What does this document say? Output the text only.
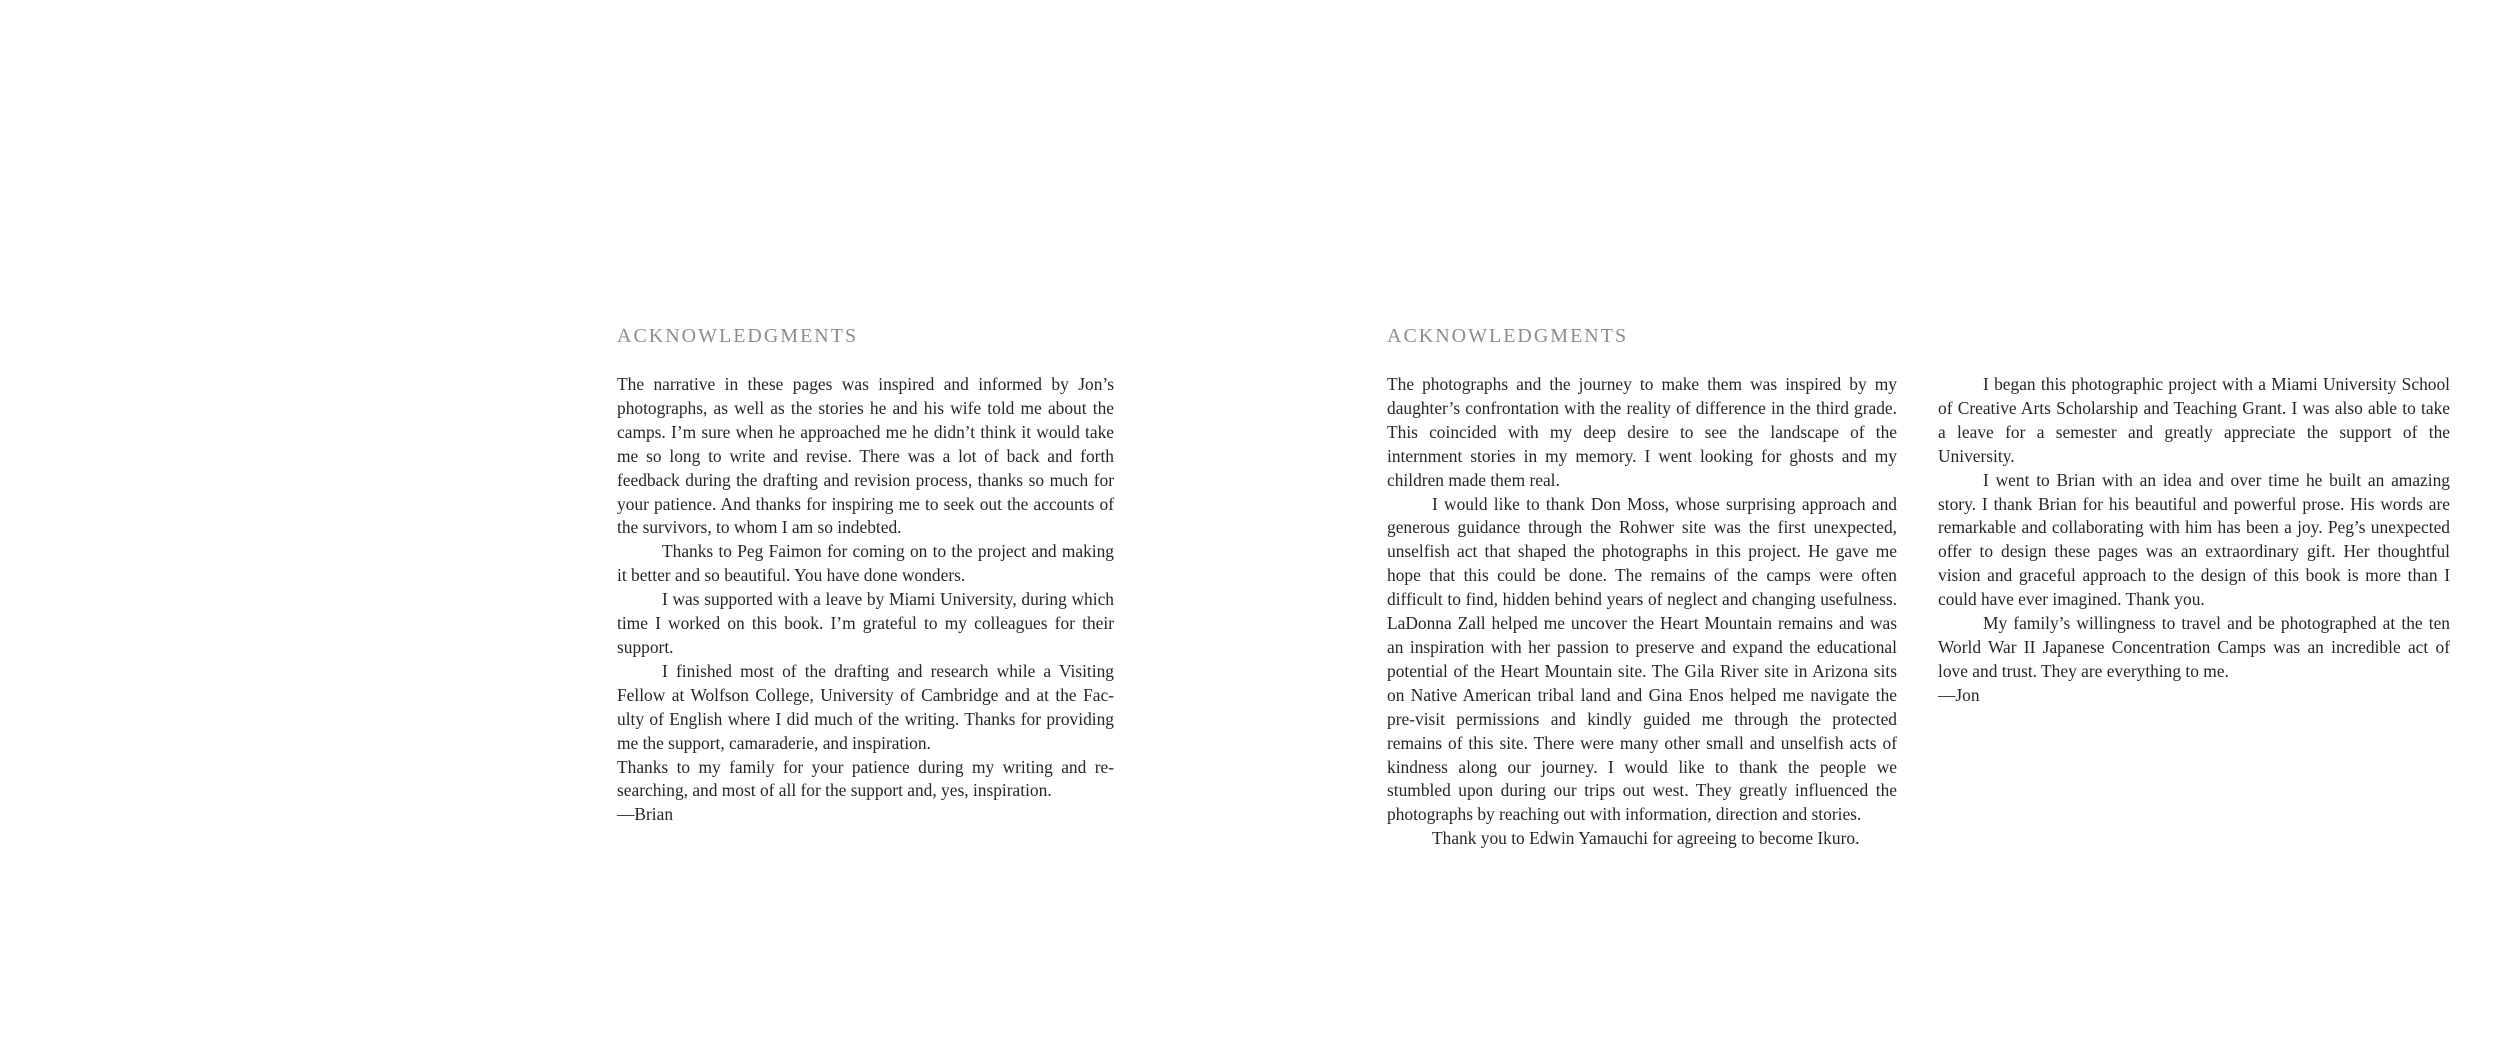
ACKNOWLEDGMENTS

The narrative in these pages was inspired and informed by Jon’s photographs, as well as the stories he and his wife told me about the camps. I’m sure when he approached me he didn’t think it would take me so long to write and revise. There was a lot of back and forth feedback during the drafting and revision process, thanks so much for your patience. And thanks for inspiring me to seek out the accounts of the survivors, to whom I am so indebted.

Thanks to Peg Faimon for coming on to the project and making it better and so beautiful. You have done wonders.

I was supported with a leave by Miami University, during which time I worked on this book. I’m grateful to my colleagues for their support.

I finished most of the drafting and research while a Visiting Fellow at Wolfson College, University of Cambridge and at the Faculty of English where I did much of the writing. Thanks for providing me the support, camaraderie, and inspiration.

Thanks to my family for your patience during my writing and researching, and most of all for the support and, yes, inspiration.

—Brian
ACKNOWLEDGMENTS

The photographs and the journey to make them was inspired by my daughter’s confrontation with the reality of difference in the third grade. This coincided with my deep desire to see the landscape of the internment stories in my memory. I went looking for ghosts and my children made them real.

I would like to thank Don Moss, whose surprising approach and generous guidance through the Rohwer site was the first unexpected, unselfish act that shaped the photographs in this project. He gave me hope that this could be done. The remains of the camps were often difficult to find, hidden behind years of neglect and changing usefulness. LaDonna Zall helped me uncover the Heart Mountain remains and was an inspiration with her passion to preserve and expand the educational potential of the Heart Mountain site. The Gila River site in Arizona sits on Native American tribal land and Gina Enos helped me navigate the pre-visit permissions and kindly guided me through the protected remains of this site. There were many other small and unselfish acts of kindness along our journey. I would like to thank the people we stumbled upon during our trips out west. They greatly influenced the photographs by reaching out with information, direction and stories.

Thank you to Edwin Yamauchi for agreeing to become Ikuro.

I began this photographic project with a Miami University School of Creative Arts Scholarship and Teaching Grant. I was also able to take a leave for a semester and greatly appreciate the support of the University.

I went to Brian with an idea and over time he built an amazing story. I thank Brian for his beautiful and powerful prose. His words are remarkable and collaborating with him has been a joy. Peg’s unexpected offer to design these pages was an extraordinary gift. Her thoughtful vision and graceful approach to the design of this book is more than I could have ever imagined. Thank you.

My family’s willingness to travel and be photographed at the ten World War II Japanese Concentration Camps was an incredible act of love and trust. They are everything to me.

—Jon
